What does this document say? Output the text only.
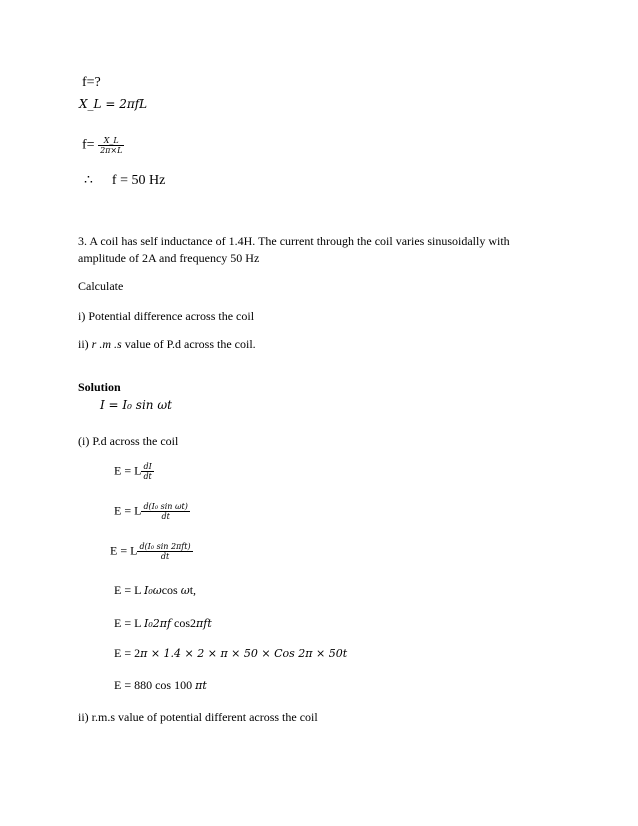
f=?
X_L = 2πfL
$f= \frac{X\_L}{2\pi\times L}$
∴ f = 50 Hz
3. A coil has self inductance of 1.4H. The current through the coil varies sinusoidally with amplitude of 2A and frequency 50 Hz
Calculate
i) Potential difference across the coil
ii) r .m .s value of P.d across the coil.
Solution
I = I₀ sin ωt
(i) P.d across the coil
E = L $\frac{dI}{dt}$
E = L $\frac{\text{d(I₀ sin ωt)}}{dt}$
E = L $\frac{\text{d(I₀ sin 2πft)}}{dt}$
E = L I₀ωcos ωt,
E = L I₀2πf cos2πft
E = 2π × 1.4 × 2 × π × 50 × Cos 2π × 50t
E = 880 cos 100 πt
ii) r.m.s value of potential different across the coil
